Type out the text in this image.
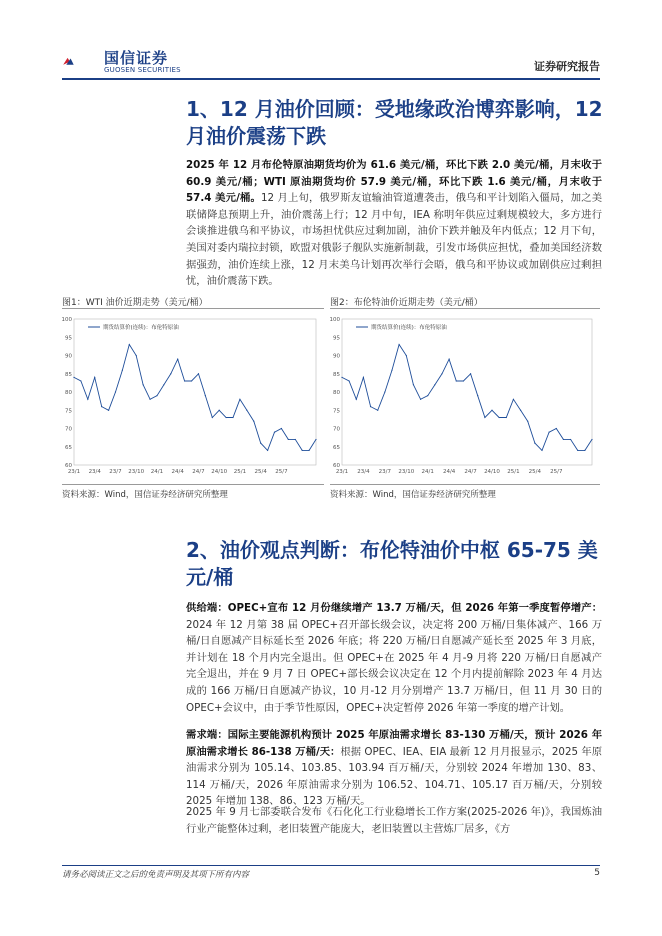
国信证券
GUOSEN SECURITIES	证券研究报告
1、12 月油价回顾：受地缘政治博弈影响，12 月油价震荡下跌
2025 年 12 月布伦特原油期货均价为 61.6 美元/桶，环比下跌 2.0 美元/桶，月末收于 60.9 美元/桶；WTI 原油期货均价 57.9 美元/桶，环比下跌 1.6 美元/桶，月末收于 57.4 美元/桶。12 月上旬，俄罗斯友谊输油管道遭袭击，俄乌和平计划陷入僵局，加之美联储降息预期上升，油价震荡上行；12 月中旬，IEA 称明年供应过剩规模较大，多方进行会谈推进俄乌和平协议，市场担忧供应过剩加剧，油价下跌并触及年内低点；12 月下旬，美国对委内瑞拉封锁，欧盟对俄影子舰队实施新制裁，引发市场供应担忧，叠加美国经济数据强劲，油价连续上涨，12 月末美乌计划再次举行会晤，俄乌和平协议或加剧供应过剩担忧，油价震荡下跌。
图1：WTI 油价近期走势（美元/桶）
60
65
70
75
80
85
90
95
100
23/1 23/4 23/7 23/10 24/1 24/4 24/7 24/10 25/1 25/4 25/7
期货结算价(连续)：布伦特原油
资料来源：Wind，国信证券经济研究所整理
图2：布伦特油价近期走势（美元/桶）
60
65
70
75
80
85
90
95
100
23/1 23/4 23/7 23/10 24/1 24/4 24/7 24/10 25/1 25/4 25/7
期货结算价(连续)：布伦特原油
资料来源：Wind，国信证券经济研究所整理
2、油价观点判断：布伦特油价中枢 65-75 美元/桶
供给端：OPEC+宣布 12 月份继续增产 13.7 万桶/天，但 2026 年第一季度暂停增产：2024 年 12 月第 38 届 OPEC+召开部长级会议，决定将 200 万桶/日集体减产、166 万桶/日自愿减产目标延长至 2026 年底；将 220 万桶/日自愿减产延长至 2025 年 3 月底，并计划在 18 个月内完全退出。但 OPEC+在 2025 年 4 月-9 月将 220 万桶/日自愿减产完全退出，并在 9 月 7 日 OPEC+部长级会议决定在 12 个月内提前解除 2023 年 4 月达成的 166 万桶/日自愿减产协议，10 月-12 月分别增产 13.7 万桶/日，但 11 月 30 日的 OPEC+会议中，由于季节性原因，OPEC+决定暂停 2026 年第一季度的增产计划。
需求端：国际主要能源机构预计 2025 年原油需求增长 83-130 万桶/天，预计 2026 年原油需求增长 86-138 万桶/天：根据 OPEC、IEA、EIA 最新 12 月月报显示，2025 年原油需求分别为 105.14、103.85、103.94 百万桶/天，分别较 2024 年增加 130、83、114 万桶/天，2026 年原油需求分别为 106.52、104.71、105.17 百万桶/天，分别较 2025 年增加 138、86、123 万桶/天。
2025 年 9 月七部委联合发布《石化化工行业稳增长工作方案(2025-2026 年)》，我国炼油行业产能整体过剩，老旧装置产能庞大，老旧装置以主营炼厂居多，《方
请务必阅读正文之后的免责声明及其项下所有内容	5
